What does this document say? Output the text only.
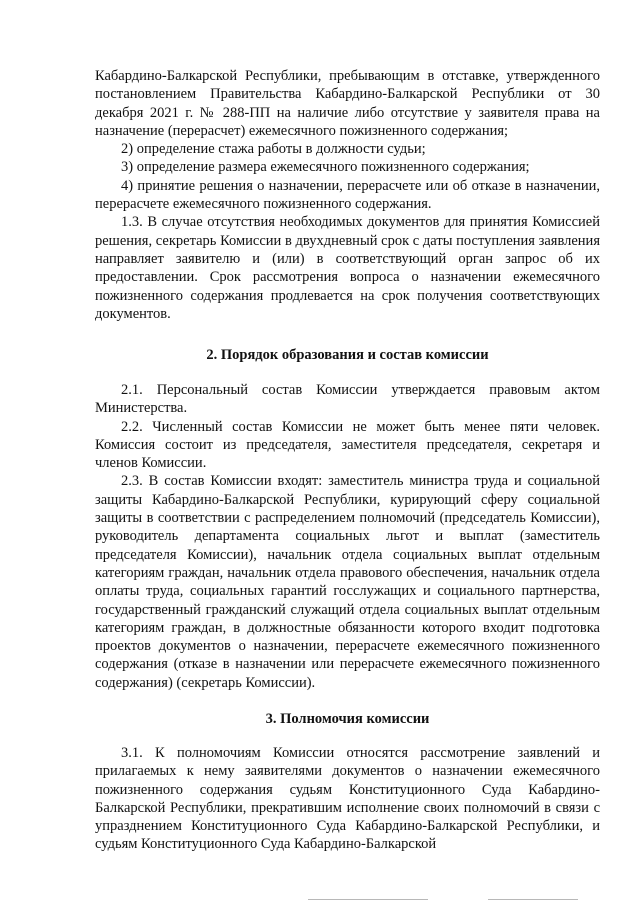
Кабардино-Балкарской Республики, пребывающим в отставке, утвержденного постановлением Правительства Кабардино-Балкарской Республики от 30 декабря 2021 г. № 288-ПП на наличие либо отсутствие у заявителя права на назначение (перерасчет) ежемесячного пожизненного содержания;

2) определение стажа работы в должности судьи;

3) определение размера ежемесячного пожизненного содержания;

4) принятие решения о назначении, перерасчете или об отказе в назначении, перерасчете ежемесячного пожизненного содержания.

1.3. В случае отсутствия необходимых документов для принятия Комиссией решения, секретарь Комиссии в двухдневный срок с даты поступления заявления направляет заявителю и (или) в соответствующий орган запрос об их предоставлении. Срок рассмотрения вопроса о назначении ежемесячного пожизненного содержания продлевается на срок получения соответствующих документов.

2. Порядок образования и состав комиссии

2.1. Персональный состав Комиссии утверждается правовым актом Министерства.

2.2. Численный состав Комиссии не может быть менее пяти человек. Комиссия состоит из председателя, заместителя председателя, секретаря и членов Комиссии.

2.3. В состав Комиссии входят: заместитель министра труда и социальной защиты Кабардино-Балкарской Республики, курирующий сферу социальной защиты в соответствии с распределением полномочий (председатель Комиссии), руководитель департамента социальных льгот и выплат (заместитель председателя Комиссии), начальник отдела социальных выплат отдельным категориям граждан, начальник отдела правового обеспечения, начальник отдела оплаты труда, социальных гарантий госслужащих и социального партнерства, государственный гражданский служащий отдела социальных выплат отдельным категориям граждан, в должностные обязанности которого входит подготовка проектов документов о назначении, перерасчете ежемесячного пожизненного содержания (отказе в назначении или перерасчете ежемесячного пожизненного содержания) (секретарь Комиссии).

3. Полномочия комиссии

3.1. К полномочиям Комиссии относятся рассмотрение заявлений и прилагаемых к нему заявителями документов о назначении ежемесячного пожизненного содержания судьям Конституционного Суда Кабардино-Балкарской Республики, прекратившим исполнение своих полномочий в связи с упразднением Конституционного Суда Кабардино-Балкарской Республики, и судьям Конституционного Суда Кабардино-Балкарской
